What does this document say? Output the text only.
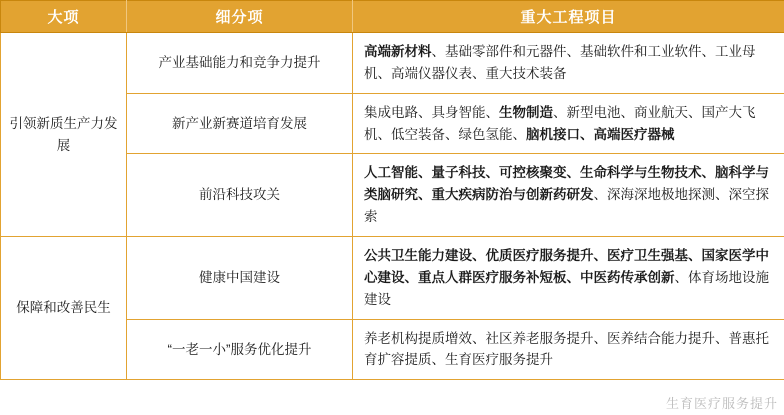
大项	细分项	重大工程项目
引领新质生产力发展	产业基础能力和竞争力提升	高端新材料、基础零部件和元器件、基础软件和工业软件、工业母机、高端仪器仪表、重大技术装备
	新产业新赛道培育发展	集成电路、具身智能、生物制造、新型电池、商业航天、国产大飞机、低空装备、绿色氢能、脑机接口、高端医疗器械
	前沿科技攻关	人工智能、量子科技、可控核聚变、生命科学与生物技术、脑科学与类脑研究、重大疾病防治与创新药研发、深海深地极地探测、深空探索
保障和改善民生	健康中国建设	公共卫生能力建设、优质医疗服务提升、医疗卫生强基、国家医学中心建设、重点人群医疗服务补短板、中医药传承创新、体育场地设施建设
	“一老一小”服务优化提升	养老机构提质增效、社区养老服务提升、医养结合能力提升、普惠托育扩容提质、生育医疗服务提升
生育医疗服务提升
